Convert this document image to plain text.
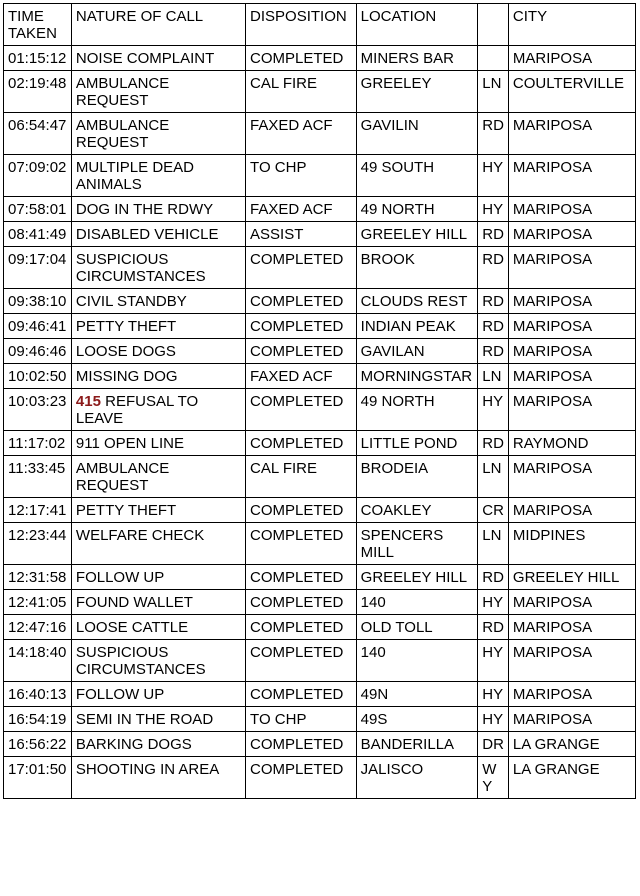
TIME TAKEN	NATURE OF CALL	DISPOSITION	LOCATION		CITY
01:15:12	NOISE COMPLAINT	COMPLETED	MINERS BAR		MARIPOSA
02:19:48	AMBULANCE REQUEST	CAL FIRE	GREELEY	LN	COULTERVILLE
06:54:47	AMBULANCE REQUEST	FAXED ACF	GAVILIN	RD	MARIPOSA
07:09:02	MULTIPLE DEAD ANIMALS	TO CHP	49 SOUTH	HY	MARIPOSA
07:58:01	DOG IN THE RDWY	FAXED ACF	49 NORTH	HY	MARIPOSA
08:41:49	DISABLED VEHICLE	ASSIST	GREELEY HILL	RD	MARIPOSA
09:17:04	SUSPICIOUS CIRCUMSTANCES	COMPLETED	BROOK	RD	MARIPOSA
09:38:10	CIVIL STANDBY	COMPLETED	CLOUDS REST	RD	MARIPOSA
09:46:41	PETTY THEFT	COMPLETED	INDIAN PEAK	RD	MARIPOSA
09:46:46	LOOSE DOGS	COMPLETED	GAVILAN	RD	MARIPOSA
10:02:50	MISSING DOG	FAXED ACF	MORNINGSTAR	LN	MARIPOSA
10:03:23	415 REFUSAL TO LEAVE	COMPLETED	49 NORTH	HY	MARIPOSA
11:17:02	911 OPEN LINE	COMPLETED	LITTLE POND	RD	RAYMOND
11:33:45	AMBULANCE REQUEST	CAL FIRE	BRODEIA	LN	MARIPOSA
12:17:41	PETTY THEFT	COMPLETED	COAKLEY	CR	MARIPOSA
12:23:44	WELFARE CHECK	COMPLETED	SPENCERS MILL	LN	MIDPINES
12:31:58	FOLLOW UP	COMPLETED	GREELEY HILL	RD	GREELEY HILL
12:41:05	FOUND WALLET	COMPLETED	140	HY	MARIPOSA
12:47:16	LOOSE CATTLE	COMPLETED	OLD TOLL	RD	MARIPOSA
14:18:40	SUSPICIOUS CIRCUMSTANCES	COMPLETED	140	HY	MARIPOSA
16:40:13	FOLLOW UP	COMPLETED	49N	HY	MARIPOSA
16:54:19	SEMI IN THE ROAD	TO CHP	49S	HY	MARIPOSA
16:56:22	BARKING DOGS	COMPLETED	BANDERILLA	DR	LA GRANGE
17:01:50	SHOOTING IN AREA	COMPLETED	JALISCO	WY	LA GRANGE
